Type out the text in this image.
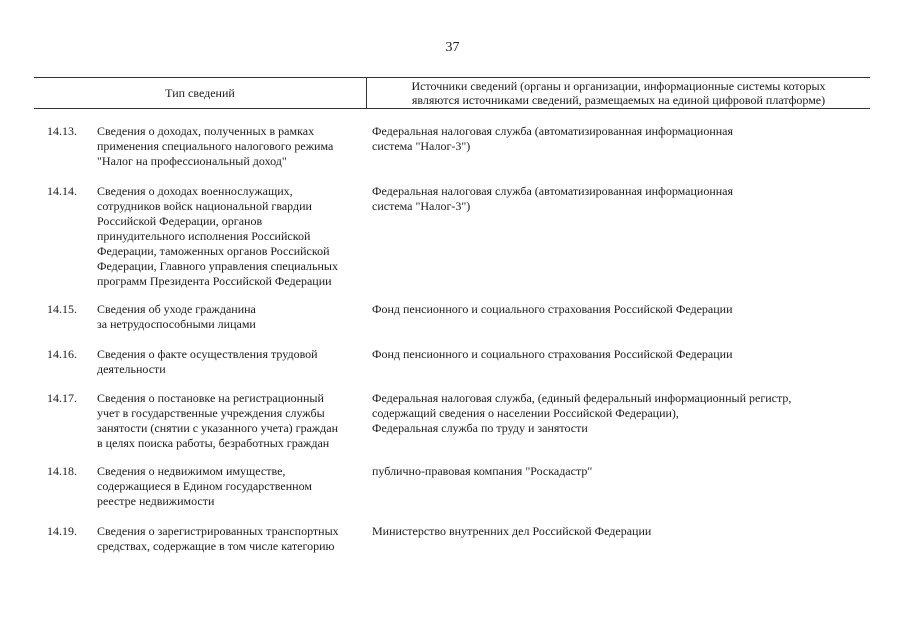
37
Тип сведений	Источники сведений (органы и организации, информационные системы которых
являются источниками сведений, размещаемых на единой цифровой платформе)
14.13. Сведения о доходах, полученных в рамках
применения специального налогового режима
"Налог на профессиональный доход"
Федеральная налоговая служба (автоматизированная информационная
система "Налог-3")
14.14. Сведения о доходах военнослужащих,
сотрудников войск национальной гвардии
Российской Федерации, органов
принудительного исполнения Российской
Федерации, таможенных органов Российской
Федерации, Главного управления специальных
программ Президента Российской Федерации
Федеральная налоговая служба (автоматизированная информационная
система "Налог-3")
14.15. Сведения об уходе гражданина
за нетрудоспособными лицами
Фонд пенсионного и социального страхования Российской Федерации
14.16. Сведения о факте осуществления трудовой
деятельности
Фонд пенсионного и социального страхования Российской Федерации
14.17. Сведения о постановке на регистрационный
учет в государственные учреждения службы
занятости (снятии с указанного учета) граждан
в целях поиска работы, безработных граждан
Федеральная налоговая служба, (единый федеральный информационный регистр,
содержащий сведения о населении Российской Федерации),
Федеральная служба по труду и занятости
14.18. Сведения о недвижимом имуществе,
содержащиеся в Едином государственном
реестре недвижимости
публично-правовая компания "Роскадастр"
14.19. Сведения о зарегистрированных транспортных
средствах, содержащие в том числе категорию
Министерство внутренних дел Российской Федерации
